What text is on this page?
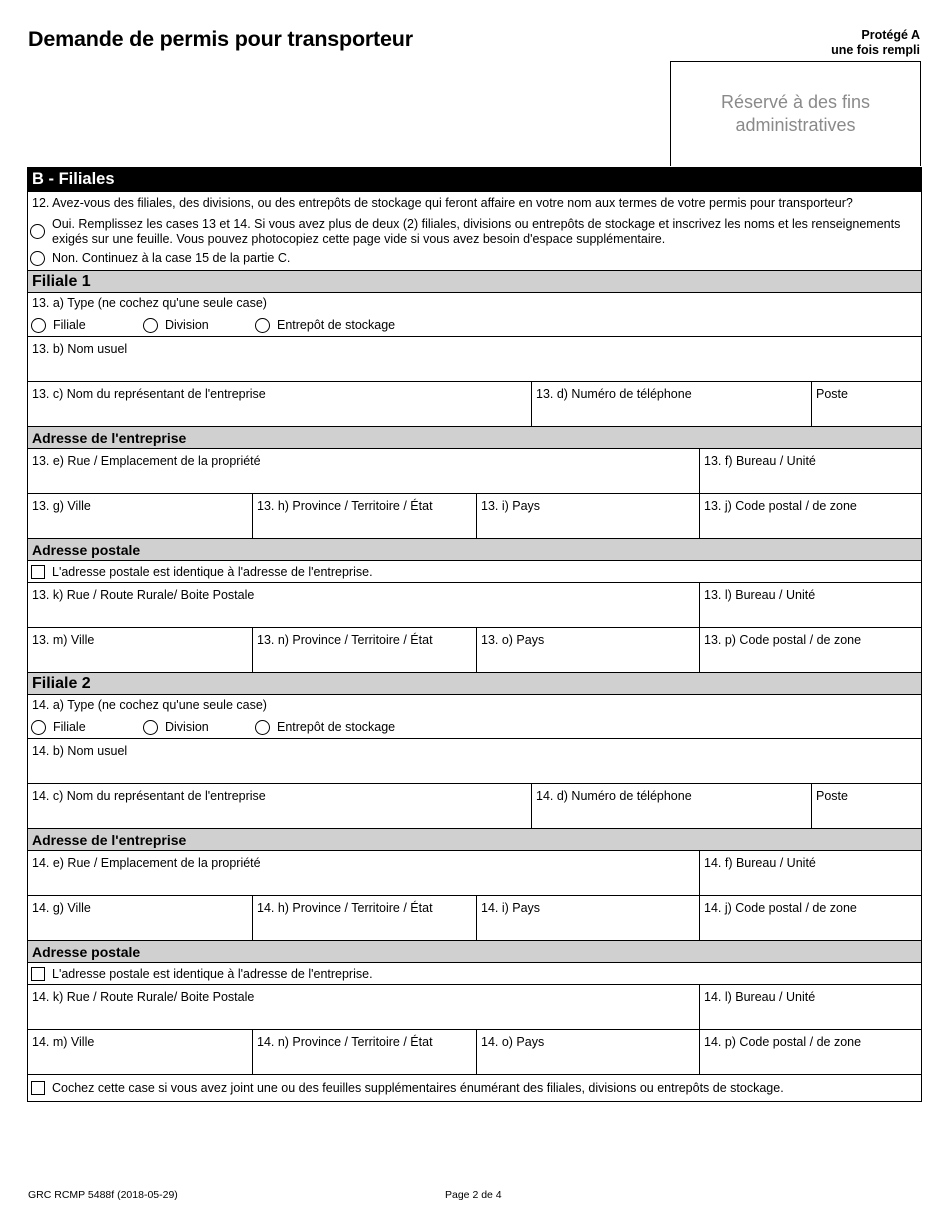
Demande de permis pour transporteur	Protégé A
une fois rempli
Réservé à des fins administratives
B - Filiales
12. Avez-vous des filiales, des divisions, ou des entrepôts de stockage qui feront affaire en votre nom aux termes de votre permis pour transporteur?
Oui. Remplissez les cases 13 et 14. Si vous avez plus de deux (2) filiales, divisions ou entrepôts de stockage et inscrivez les noms et les renseignements exigés sur une feuille. Vous pouvez photocopiez cette page vide si vous avez besoin d'espace supplémentaire.
Non. Continuez à la case 15 de la partie C.
Filiale 1
13. a) Type (ne cochez qu'une seule case)
Filiale	Division	Entrepôt de stockage
13. b) Nom usuel
13. c) Nom du représentant de l'entreprise	13. d) Numéro de téléphone	Poste
Adresse de l'entreprise
13. e) Rue / Emplacement de la propriété	13. f) Bureau / Unité
13. g) Ville	13. h) Province / Territoire / État	13. i) Pays	13. j) Code postal / de zone
Adresse postale
L'adresse postale est identique à l'adresse de l'entreprise.
13. k) Rue / Route Rurale/ Boite Postale	13. l) Bureau / Unité
13. m) Ville	13. n) Province / Territoire / État	13. o) Pays	13. p) Code postal / de zone
Filiale 2
14. a) Type (ne cochez qu'une seule case)
Filiale	Division	Entrepôt de stockage
14. b) Nom usuel
14. c) Nom du représentant de l'entreprise	14. d) Numéro de téléphone	Poste
Adresse de l'entreprise
14. e) Rue / Emplacement de la propriété	14. f) Bureau / Unité
14. g) Ville	14. h) Province / Territoire / État	14. i) Pays	14. j) Code postal / de zone
Adresse postale
L'adresse postale est identique à l'adresse de l'entreprise.
14. k) Rue / Route Rurale/ Boite Postale	14. l) Bureau / Unité
14. m) Ville	14. n) Province / Territoire / État	14. o) Pays	14. p) Code postal / de zone
Cochez cette case si vous avez joint une ou des feuilles supplémentaires énumérant des filiales, divisions ou entrepôts de stockage.
GRC RCMP 5488f (2018-05-29)	Page 2 de 4
